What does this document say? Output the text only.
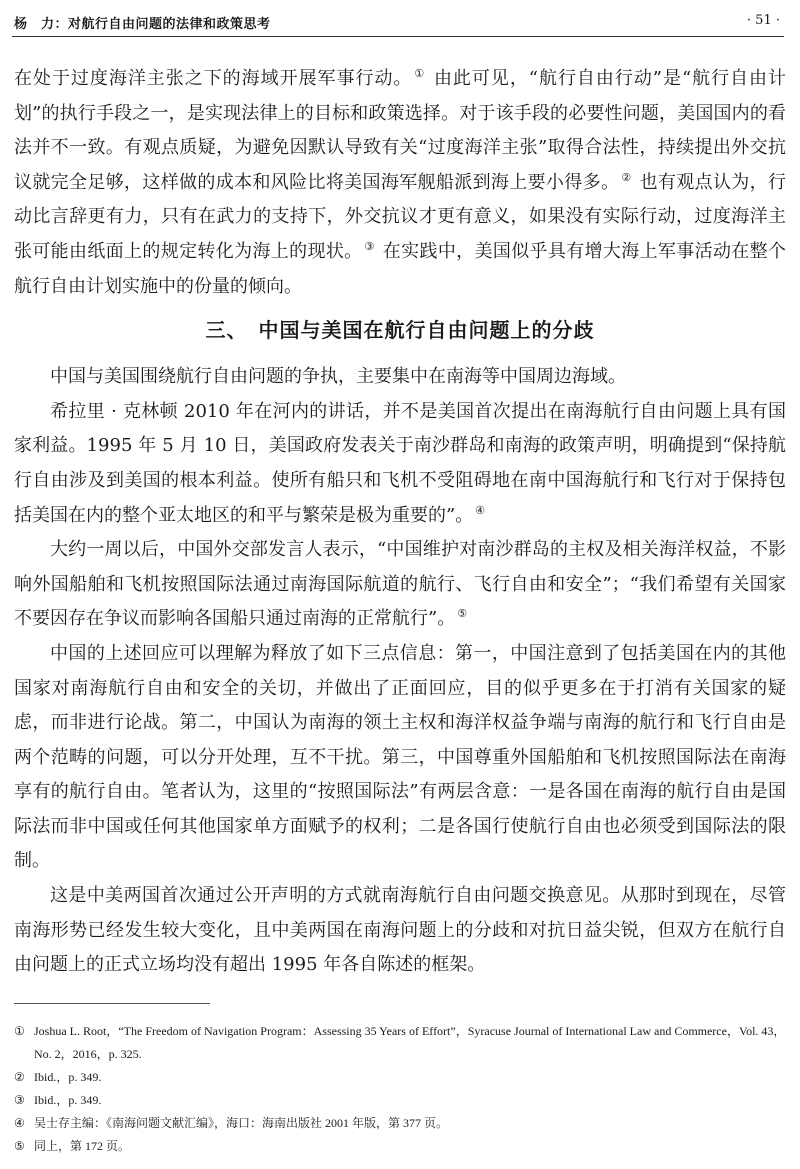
杨　力：对航行自由问题的法律和政策思考	· 51 ·

在处于过度海洋主张之下的海域开展军事行动。 ① 由此可见，“航行自由行动”是“航行自由计划”的执行手段之一，是实现法律上的目标和政策选择。对于该手段的必要性问题，美国国内的看法并不一致。有观点质疑，为避免因默认导致有关“过度海洋主张”取得合法性，持续提出外交抗议就完全足够，这样做的成本和风险比将美国海军舰船派到海上要小得多。 ② 也有观点认为，行动比言辞更有力，只有在武力的支持下，外交抗议才更有意义，如果没有实际行动，过度海洋主张可能由纸面上的规定转化为海上的现状。 ③ 在实践中，美国似乎具有增大海上军事活动在整个航行自由计划实施中的份量的倾向。

三、　中国与美国在航行自由问题上的分歧

中国与美国围绕航行自由问题的争执，主要集中在南海等中国周边海域。

希拉里 · 克林顿 2010 年在河内的讲话，并不是美国首次提出在南海航行自由问题上具有国家利益。1995 年 5 月 10 日，美国政府发表关于南沙群岛和南海的政策声明，明确提到“保持航行自由涉及到美国的根本利益。使所有船只和飞机不受阻碍地在南中国海航行和飞行对于保持包括美国在内的整个亚太地区的和平与繁荣是极为重要的”。 ④

大约一周以后，中国外交部发言人表示，“中国维护对南沙群岛的主权及相关海洋权益，不影响外国船舶和飞机按照国际法通过南海国际航道的航行、飞行自由和安全”；“我们希望有关国家不要因存在争议而影响各国船只通过南海的正常航行”。 ⑤

中国的上述回应可以理解为释放了如下三点信息：第一，中国注意到了包括美国在内的其他国家对南海航行自由和安全的关切，并做出了正面回应，目的似乎更多在于打消有关国家的疑虑，而非进行论战。第二，中国认为南海的领土主权和海洋权益争端与南海的航行和飞行自由是两个范畴的问题，可以分开处理，互不干扰。第三，中国尊重外国船舶和飞机按照国际法在南海享有的航行自由。笔者认为，这里的“按照国际法”有两层含意：一是各国在南海的航行自由是国际法而非中国或任何其他国家单方面赋予的权利；二是各国行使航行自由也必须受到国际法的限制。

这是中美两国首次通过公开声明的方式就南海航行自由问题交换意见。从那时到现在，尽管南海形势已经发生较大变化，且中美两国在南海问题上的分歧和对抗日益尖锐，但双方在航行自由问题上的正式立场均没有超出 1995 年各自陈述的框架。

① Joshua L. Root，“The Freedom of Navigation Program：Assessing 35 Years of Effort”，Syracuse Journal of International Law and Commerce，Vol. 43，No. 2，2016，p. 325.
② Ibid.，p. 349.
③ Ibid.，p. 349.
④ 吴士存主编：《南海问题文献汇编》，海口：海南出版社 2001 年版，第 377 页。
⑤ 同上，第 172 页。
